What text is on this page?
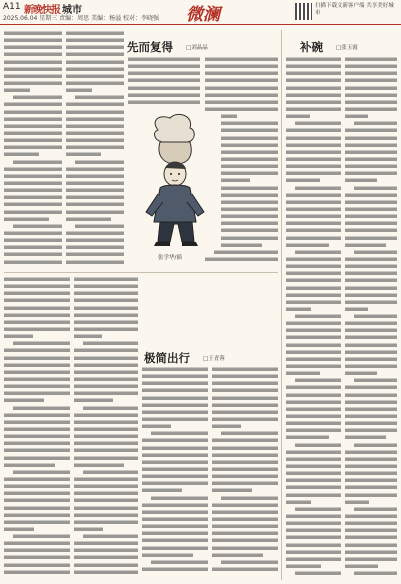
A11 新晚快报 城市
2025.06.04 星期三 责编：周思 美编：杨溢 校对：李晓强 微澜	扫描下载文新客户端 共享美好城市
先而复得 □刘晶晶	补碗 □张玉霞
极简出行 □王青蓉
张学华/插
